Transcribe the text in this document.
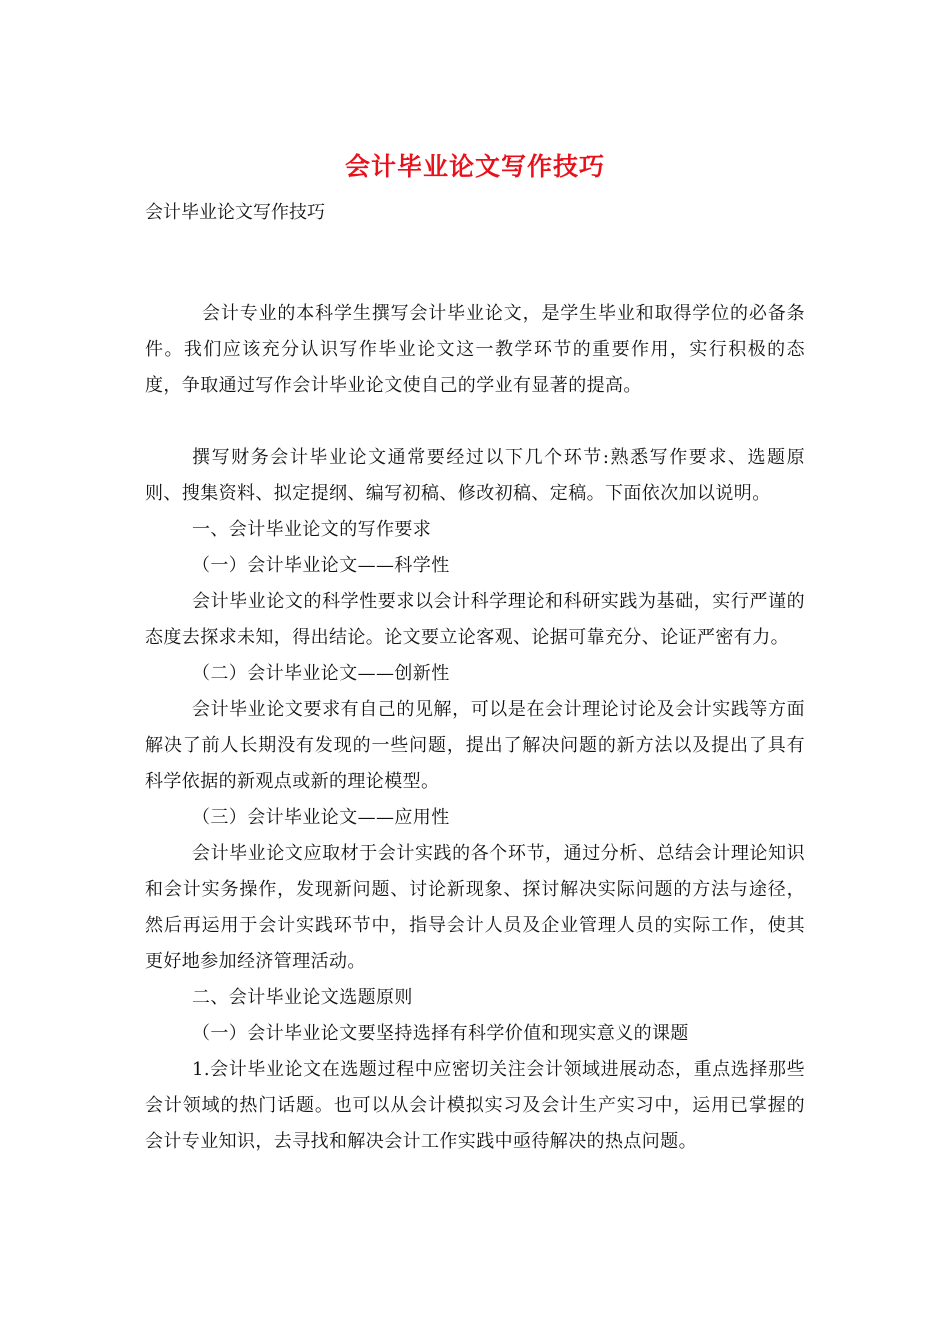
会计毕业论文写作技巧
会计毕业论文写作技巧

会计专业的本科学生撰写会计毕业论文，是学生毕业和取得学位的必备条件。我们应该充分认识写作毕业论文这一教学环节的重要作用，实行积极的态度，争取通过写作会计毕业论文使自己的学业有显著的提高。

撰写财务会计毕业论文通常要经过以下几个环节:熟悉写作要求、选题原则、搜集资料、拟定提纲、编写初稿、修改初稿、定稿。下面依次加以说明。

一、会计毕业论文的写作要求

（一）会计毕业论文——科学性

会计毕业论文的科学性要求以会计科学理论和科研实践为基础，实行严谨的态度去探求未知，得出结论。论文要立论客观、论据可靠充分、论证严密有力。

（二）会计毕业论文——创新性

会计毕业论文要求有自己的见解，可以是在会计理论讨论及会计实践等方面解决了前人长期没有发现的一些问题，提出了解决问题的新方法以及提出了具有科学依据的新观点或新的理论模型。

（三）会计毕业论文——应用性

会计毕业论文应取材于会计实践的各个环节，通过分析、总结会计理论知识和会计实务操作，发现新问题、讨论新现象、探讨解决实际问题的方法与途径，然后再运用于会计实践环节中，指导会计人员及企业管理人员的实际工作，使其更好地参加经济管理活动。

二、会计毕业论文选题原则

（一）会计毕业论文要坚持选择有科学价值和现实意义的课题

1.会计毕业论文在选题过程中应密切关注会计领域进展动态，重点选择那些会计领域的热门话题。也可以从会计模拟实习及会计生产实习中，运用已掌握的会计专业知识，去寻找和解决会计工作实践中亟待解决的热点问题。
